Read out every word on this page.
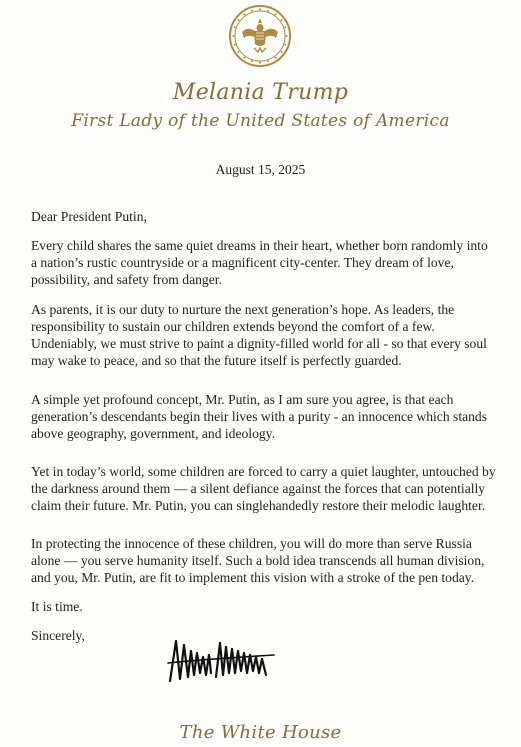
Melania Trump
First Lady of the United States of America
August 15, 2025

Dear President Putin,

Every child shares the same quiet dreams in their heart, whether born randomly into a nation’s rustic countryside or a magnificent city-center. They dream of love, possibility, and safety from danger.

As parents, it is our duty to nurture the next generation’s hope. As leaders, the responsibility to sustain our children extends beyond the comfort of a few. Undeniably, we must strive to paint a dignity-filled world for all - so that every soul may wake to peace, and so that the future itself is perfectly guarded.

A simple yet profound concept, Mr. Putin, as I am sure you agree, is that each generation’s descendants begin their lives with a purity - an innocence which stands above geography, government, and ideology.

Yet in today’s world, some children are forced to carry a quiet laughter, untouched by the darkness around them — a silent defiance against the forces that can potentially claim their future. Mr. Putin, you can singlehandedly restore their melodic laughter.

In protecting the innocence of these children, you will do more than serve Russia alone — you serve humanity itself. Such a bold idea transcends all human division, and you, Mr. Putin, are fit to implement this vision with a stroke of the pen today.

It is time.

Sincerely,

The White House
